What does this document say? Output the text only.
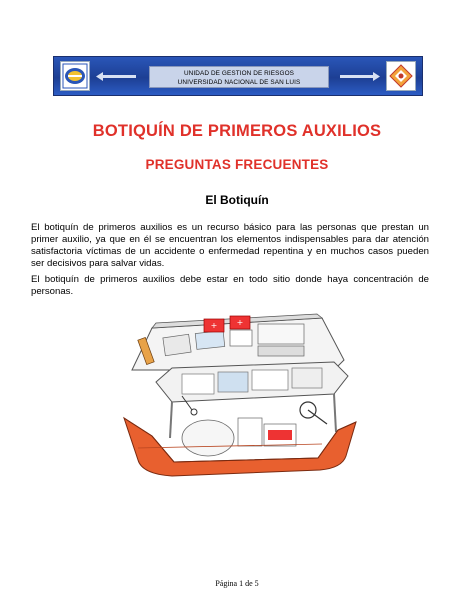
UNIDAD DE GESTION DE RIESGOS
UNIVERSIDAD NACIONAL DE SAN LUIS
BOTIQUÍN DE PRIMEROS AUXILIOS
PREGUNTAS FRECUENTES
El Botiquín

El botiquín de primeros auxilios es un recurso básico para las personas que prestan un primer auxilio, ya que en él se encuentran los elementos indispensables para dar atención satisfactoria víctimas de un accidente o enfermedad repentina y en muchos casos pueden ser decisivos para salvar vidas.

El botiquín de primeros auxilios debe estar en todo sitio donde haya concentración de personas.

+ +
Página 1 de 5
